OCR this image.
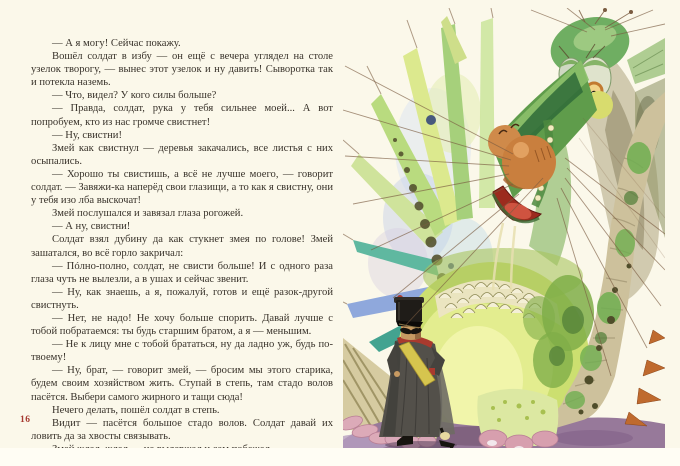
— А я могу! Сейчас покажу.

Вошёл солдат в избу — он ещё с вечера углядел на столе узелок творогу, — вынес этот узелок и ну давить! Сыворотка так и потекла наземь.

— Что, видел? У кого силы больше?

— Правда, солдат, рука у тебя сильнее моей... А вот попробуем, кто из нас громче свистнет!

— Ну, свистни!

Змей как свистнул — деревья закачались, все листья с них осыпались.

— Хорошо ты свистишь, а всё не лучше моего, — говорит солдат. — Завяжи-ка наперёд свои глазищи, а то как я свистну, они у тебя изо лба выскочат!

Змей послушался и завязал глаза рогожей.

— А ну, свистни!

Солдат взял дубину да как стукнет змея по голове! Змей зашатался, во всё горло закричал:

— Пóлно-полно, солдат, не свисти больше! И с одного раза глаза чуть не вылезли, а в ушах и сейчас звенит.

— Ну, как знаешь, а я, пожалуй, готов и ещё разок-другой свистнуть.

— Нет, не надо! Не хочу больше спорить. Давай лучше с тобой побратаемся: ты будь старшим братом, а я — меньшим.

— Не к лицу мне с тобой брататься, ну да ладно уж, будь по-твоему!

— Ну, брат, — говорит змей, — бросим мы этого старика, будем своим хозяйством жить. Ступай в степь, там стадо волов пасётся. Выбери самого жирного и тащи сюда!

Нечего делать, пошёл солдат в степь.

Видит — пасётся большое стадо волов. Солдат давай их ловить да за хвосты связывать.

16
